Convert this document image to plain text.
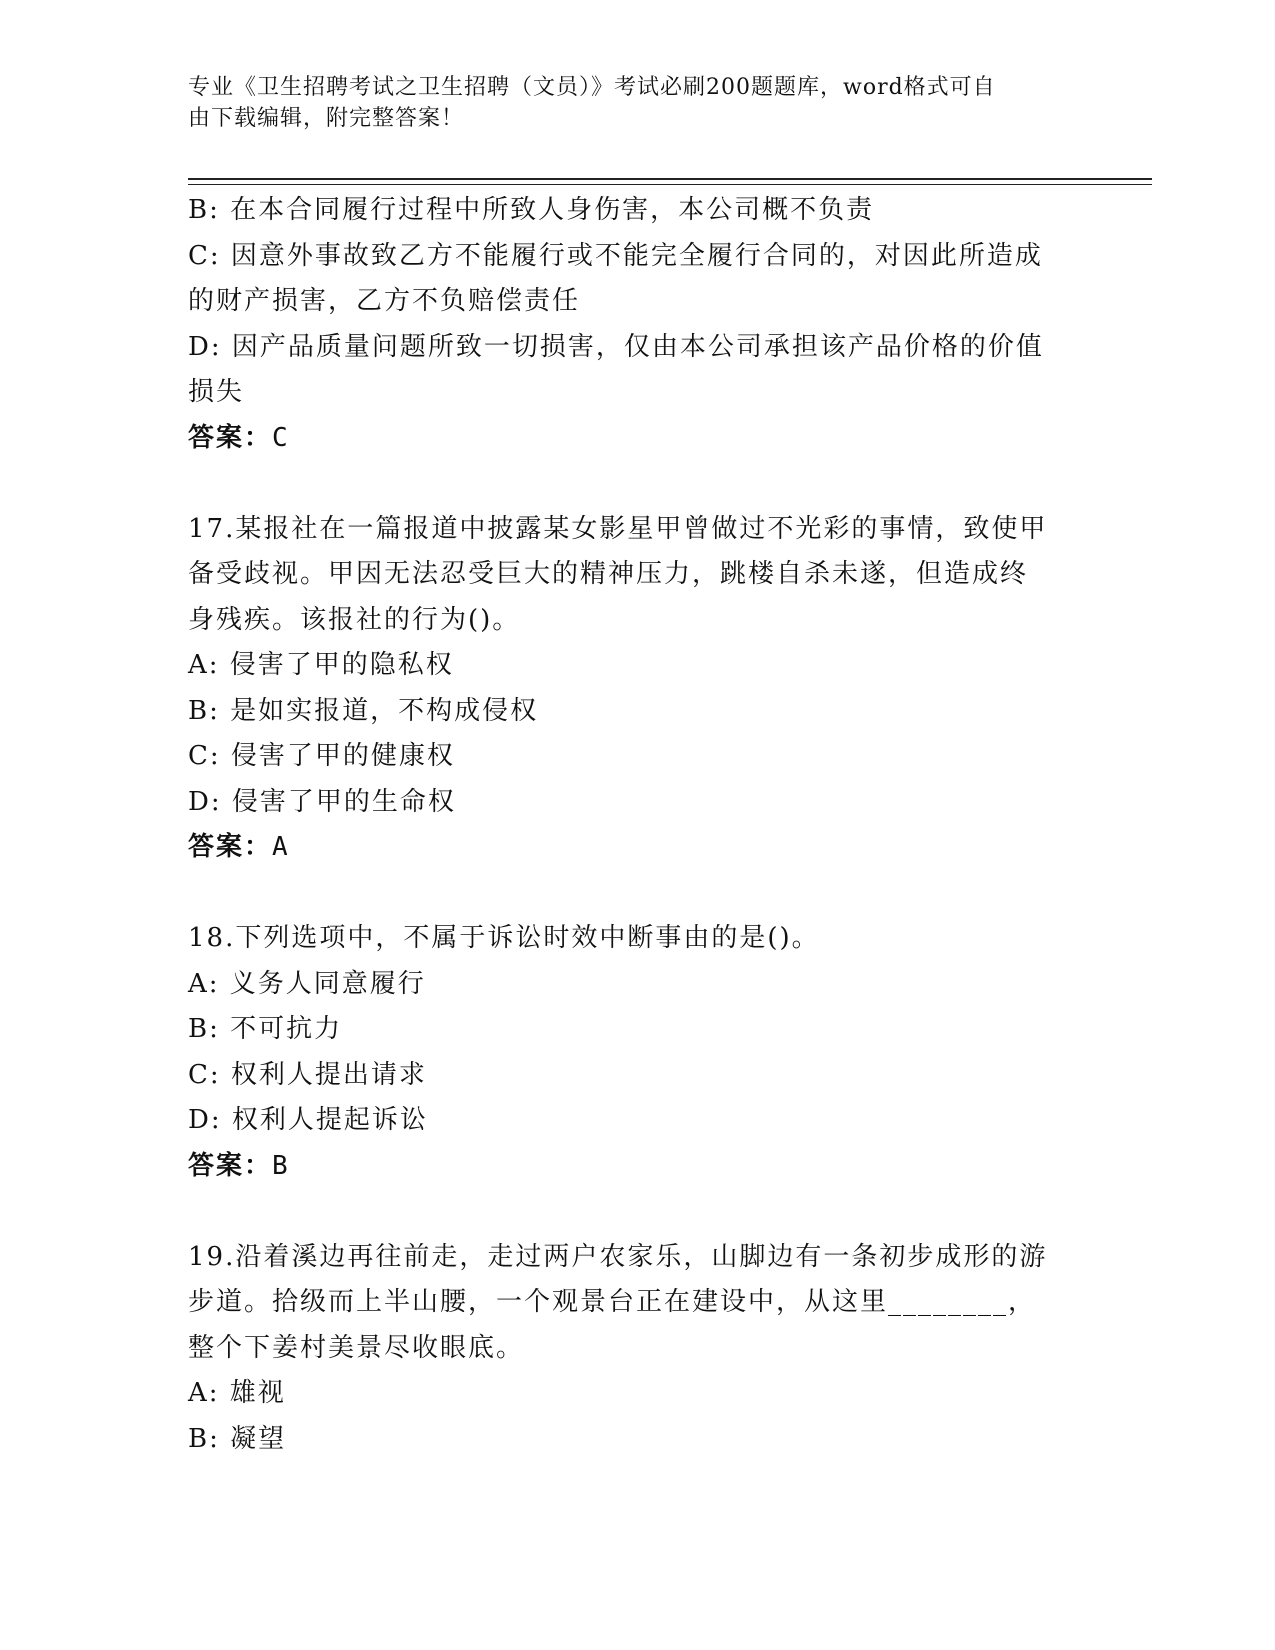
专业《卫生招聘考试之卫生招聘（文员）》考试必刷200题题库，word格式可自
由下载编辑，附完整答案！
B: 在本合同履行过程中所致人身伤害，本公司概不负责
C: 因意外事故致乙方不能履行或不能完全履行合同的，对因此所造成
的财产损害，乙方不负赔偿责任
D: 因产品质量问题所致一切损害，仅由本公司承担该产品价格的价值
损失
答案：C
17.某报社在一篇报道中披露某女影星甲曾做过不光彩的事情，致使甲
备受歧视。甲因无法忍受巨大的精神压力，跳楼自杀未遂，但造成终
身残疾。该报社的行为()。
A: 侵害了甲的隐私权
B: 是如实报道，不构成侵权
C: 侵害了甲的健康权
D: 侵害了甲的生命权
答案：A
18.下列选项中，不属于诉讼时效中断事由的是()。
A: 义务人同意履行
B: 不可抗力
C: 权利人提出请求
D: 权利人提起诉讼
答案：B
19.沿着溪边再往前走，走过两户农家乐，山脚边有一条初步成形的游
步道。拾级而上半山腰，一个观景台正在建设中，从这里________，
整个下姜村美景尽收眼底。
A: 雄视
B: 凝望
